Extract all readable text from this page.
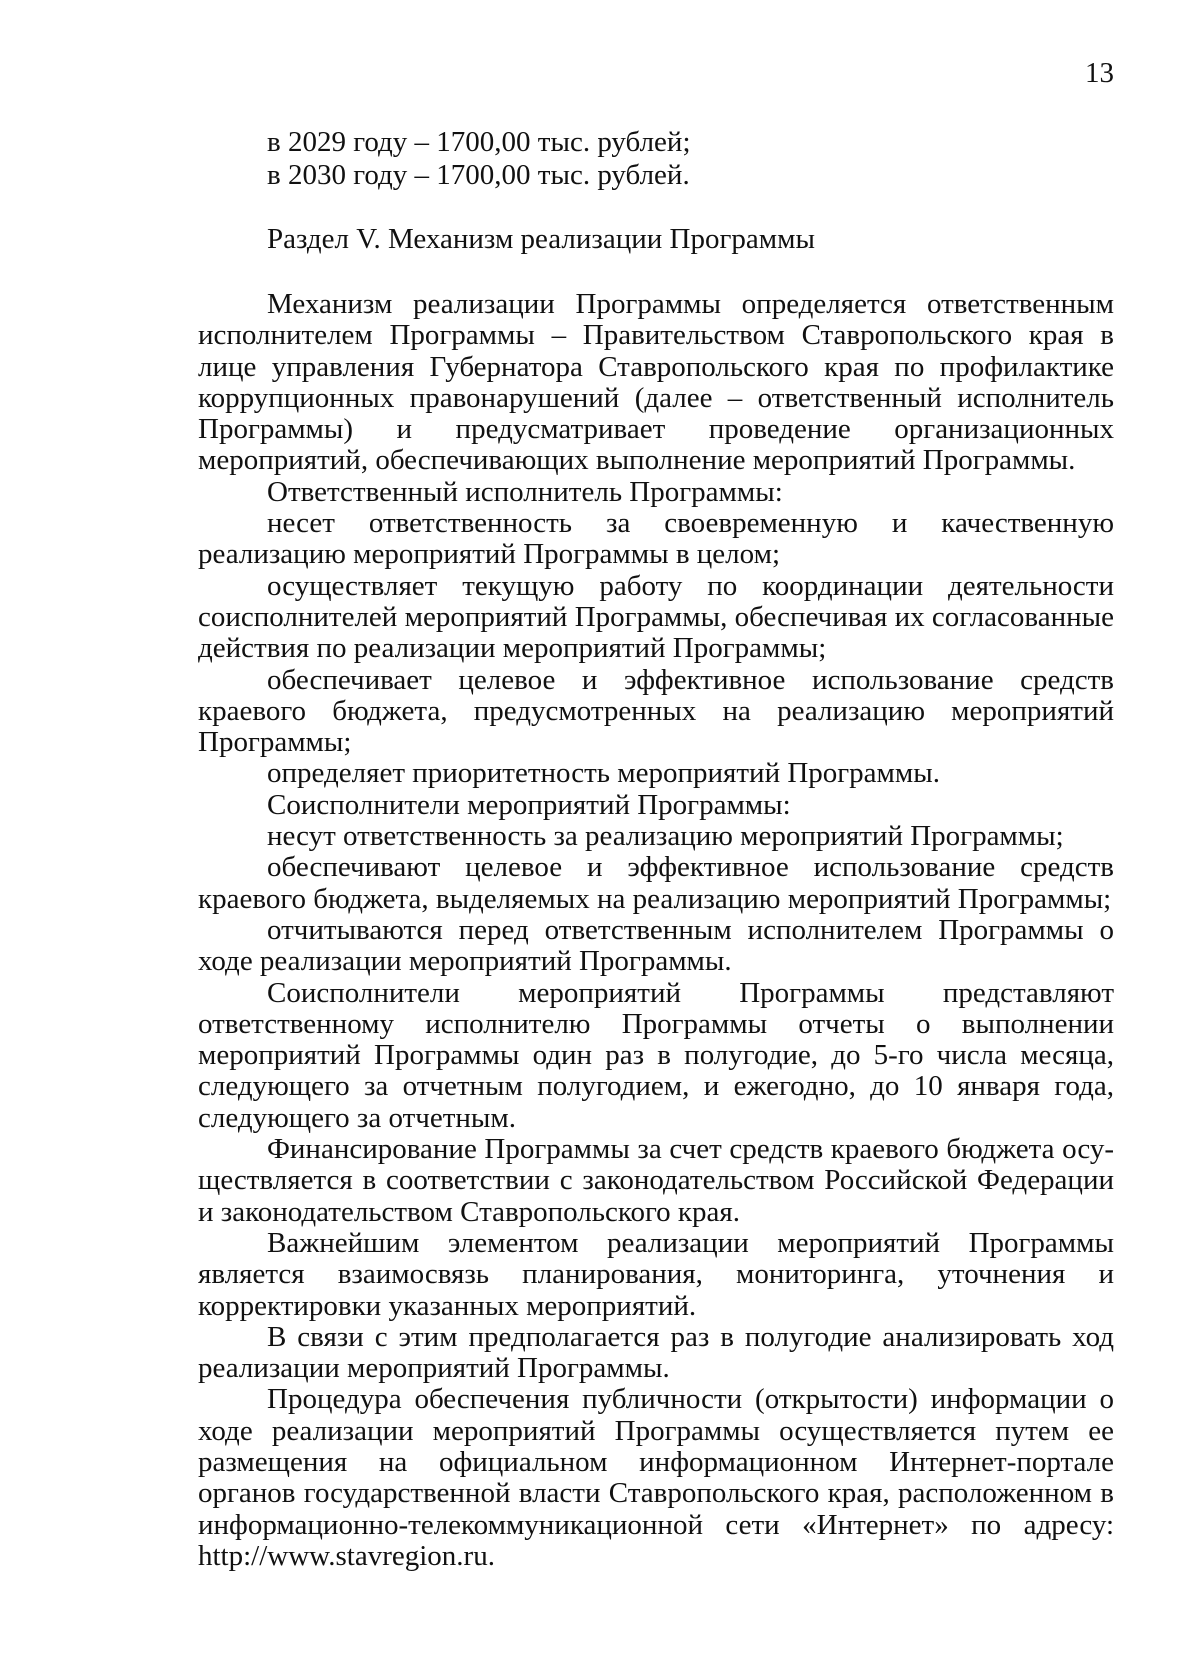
13
в 2029 году – 1700,00 тыс. рублей;
в 2030 году – 1700,00 тыс. рублей.
Раздел V. Механизм реализации Программы

Механизм реализации Программы определяется ответственным исполнителем Программы – Правительством Ставропольского края в лице управления Губернатора Ставропольского края по профилактике коррупционных правонарушений (далее – ответственный исполнитель Программы) и предусматривает проведение организационных мероприятий, обеспечивающих выполнение мероприятий Программы.

Ответственный исполнитель Программы:

несет ответственность за своевременную и качественную реализацию мероприятий Программы в целом;

осуществляет текущую работу по координации деятельности соисполнителей мероприятий Программы, обеспечивая их согласованные действия по реализации мероприятий Программы;

обеспечивает целевое и эффективное использование средств краевого бюджета, предусмотренных на реализацию мероприятий Программы;

определяет приоритетность мероприятий Программы.

Соисполнители мероприятий Программы:

несут ответственность за реализацию мероприятий Программы;

обеспечивают целевое и эффективное использование средств краевого бюджета, выделяемых на реализацию мероприятий Программы;

отчитываются перед ответственным исполнителем Программы о ходе реализации мероприятий Программы.

Соисполнители мероприятий Программы представляют ответственному исполнителю Программы отчеты о выполнении мероприятий Программы один раз в полугодие, до 5-го числа месяца, следующего за отчетным полугодием, и ежегодно, до 10 января года, следующего за отчетным.

Финансирование Программы за счет средств краевого бюджета осуществляется в соответствии с законодательством Российской Федерации и законодательством Ставропольского края.

Важнейшим элементом реализации мероприятий Программы является взаимосвязь планирования, мониторинга, уточнения и корректировки указанных мероприятий.

В связи с этим предполагается раз в полугодие анализировать ход реализации мероприятий Программы.

Процедура обеспечения публичности (открытости) информации о ходе реализации мероприятий Программы осуществляется путем ее размещения на официальном информационном Интернет-портале органов государственной власти Ставропольского края, расположенном в информационно-телекоммуникационной сети «Интернет» по адресу: http://www.stavregion.ru.
